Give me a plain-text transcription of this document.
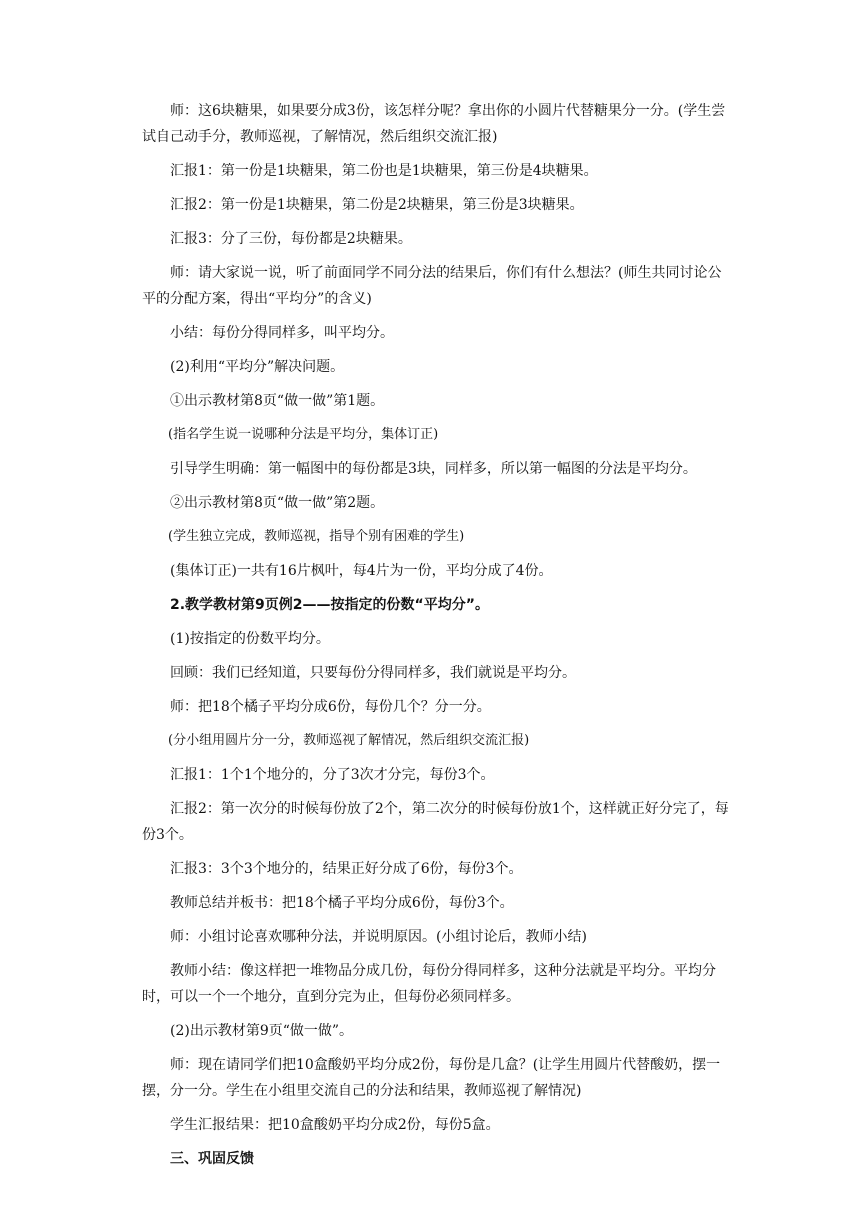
师：这6块糖果，如果要分成3份，该怎样分呢？拿出你的小圆片代替糖果分一分。(学生尝试自己动手分，教师巡视，了解情况，然后组织交流汇报)

汇报1：第一份是1块糖果，第二份也是1块糖果，第三份是4块糖果。

汇报2：第一份是1块糖果，第二份是2块糖果，第三份是3块糖果。

汇报3：分了三份，每份都是2块糖果。

师：请大家说一说，听了前面同学不同分法的结果后，你们有什么想法？(师生共同讨论公平的分配方案，得出“平均分”的含义)

小结：每份分得同样多，叫平均分。

(2)利用“平均分”解决问题。

①出示教材第8页“做一做”第1题。

(指名学生说一说哪种分法是平均分，集体订正)

引导学生明确：第一幅图中的每份都是3块，同样多，所以第一幅图的分法是平均分。

②出示教材第8页“做一做”第2题。

(学生独立完成，教师巡视，指导个别有困难的学生)

(集体订正)一共有16片枫叶，每4片为一份，平均分成了4份。

2.教学教材第9页例2——按指定的份数“平均分”。

(1)按指定的份数平均分。

回顾：我们已经知道，只要每份分得同样多，我们就说是平均分。

师：把18个橘子平均分成6份，每份几个？分一分。

(分小组用圆片分一分，教师巡视了解情况，然后组织交流汇报)

汇报1：1个1个地分的，分了3次才分完，每份3个。

汇报2：第一次分的时候每份放了2个，第二次分的时候每份放1个，这样就正好分完了，每份3个。

汇报3：3个3个地分的，结果正好分成了6份，每份3个。

教师总结并板书：把18个橘子平均分成6份，每份3个。

师：小组讨论喜欢哪种分法，并说明原因。(小组讨论后，教师小结)

教师小结：像这样把一堆物品分成几份，每份分得同样多，这种分法就是平均分。平均分时，可以一个一个地分，直到分完为止，但每份必须同样多。

(2)出示教材第9页“做一做”。

师：现在请同学们把10盒酸奶平均分成2份，每份是几盒？(让学生用圆片代替酸奶，摆一摆，分一分。学生在小组里交流自己的分法和结果，教师巡视了解情况)

学生汇报结果：把10盒酸奶平均分成2份，每份5盒。

三、巩固反馈
